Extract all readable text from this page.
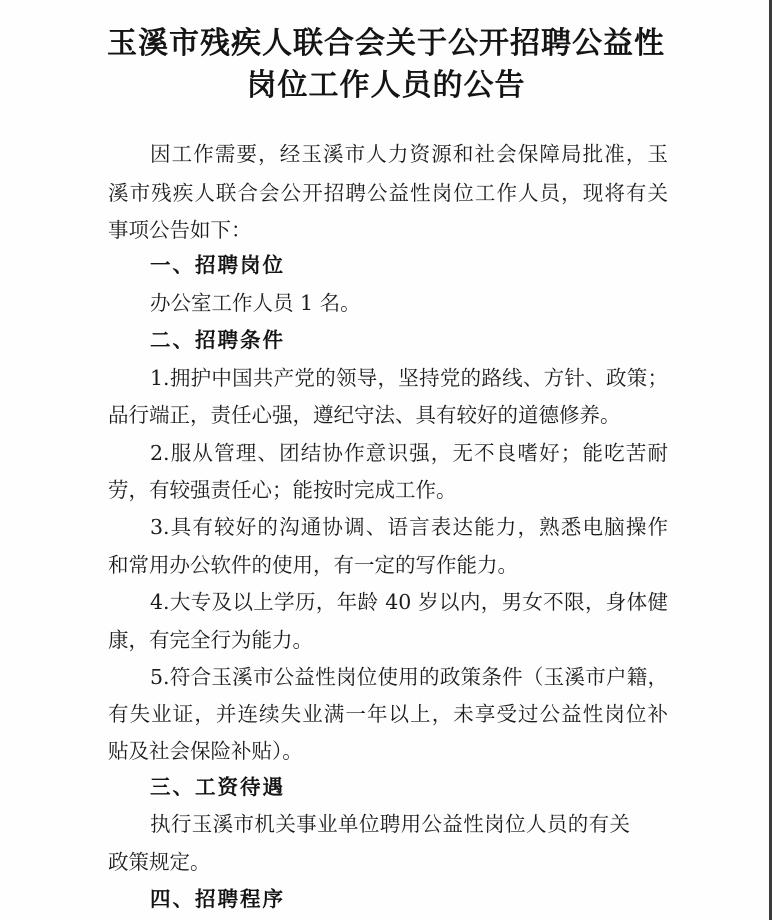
玉溪市残疾人联合会关于公开招聘公益性
岗位工作人员的公告

因工作需要，经玉溪市人力资源和社会保障局批准，玉

溪市残疾人联合会公开招聘公益性岗位工作人员，现将有关

事项公告如下：

一、招聘岗位

办公室工作人员 1 名。

二、招聘条件

1.拥护中国共产党的领导，坚持党的路线、方针、政策；

品行端正，责任心强，遵纪守法、具有较好的道德修养。

2.服从管理、团结协作意识强，无不良嗜好；能吃苦耐

劳，有较强责任心；能按时完成工作。

3.具有较好的沟通协调、语言表达能力，熟悉电脑操作

和常用办公软件的使用，有一定的写作能力。

4.大专及以上学历，年龄 40 岁以内，男女不限，身体健

康，有完全行为能力。

5.符合玉溪市公益性岗位使用的政策条件（玉溪市户籍，

有失业证，并连续失业满一年以上，未享受过公益性岗位补

贴及社会保险补贴）。

三、工资待遇

执行玉溪市机关事业单位聘用公益性岗位人员的有关

政策规定。

四、招聘程序
